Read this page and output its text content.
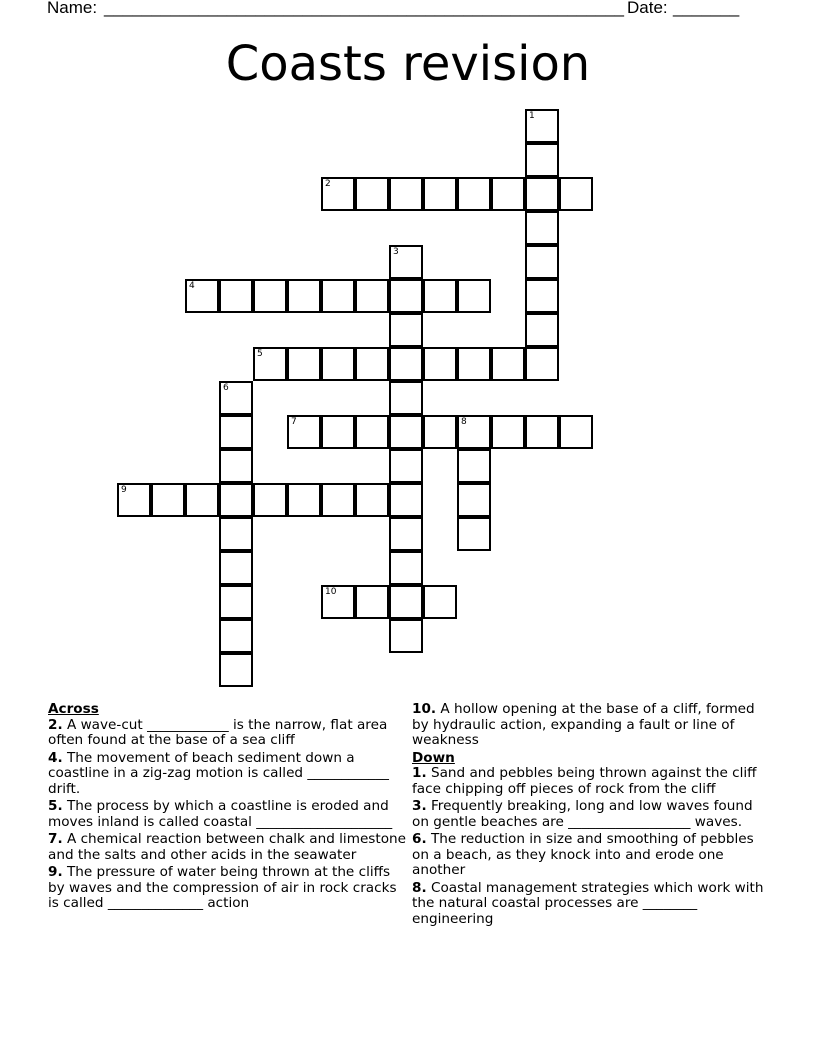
Name: _______________________________________________________ Date: _______
Coasts revision
1
2
3
4
5
6
7	8
9
10

Across

2. A wave-cut ____________ is the narrow, flat area often found at the base of a sea cliff

4. The movement of beach sediment down a coastline in a zig-zag motion is called ____________ drift.

5. The process by which a coastline is eroded and moves inland is called coastal ____________________

7. A chemical reaction between chalk and limestone and the salts and other acids in the seawater

9. The pressure of water being thrown at the cliffs by waves and the compression of air in rock cracks is called ______________ action

10. A hollow opening at the base of a cliff, formed by hydraulic action, expanding a fault or line of weakness

Down

1. Sand and pebbles being thrown against the cliff face chipping off pieces of rock from the cliff

3. Frequently breaking, long and low waves found on gentle beaches are __________________ waves.

6. The reduction in size and smoothing of pebbles on a beach, as they knock into and erode one another

8. Coastal management strategies which work with the natural coastal processes are ________ engineering
